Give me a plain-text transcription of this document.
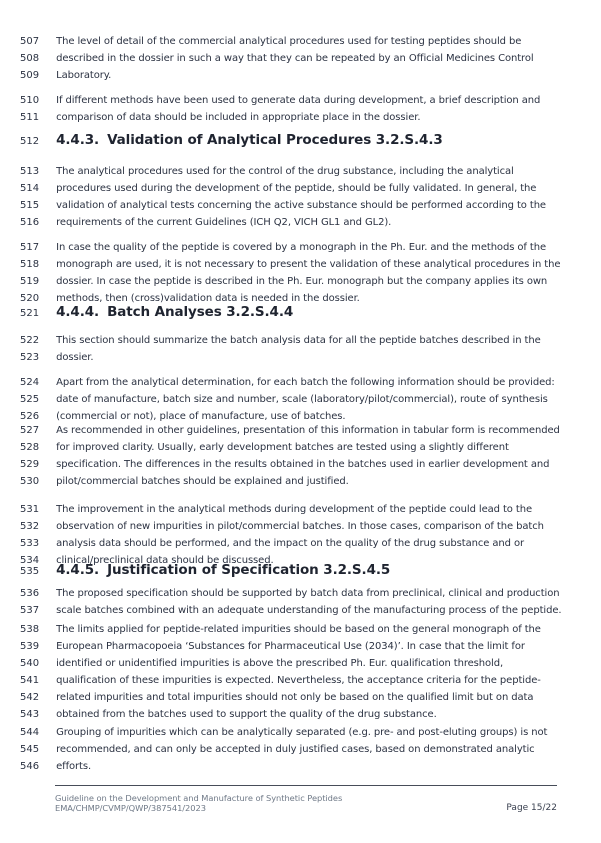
507 The level of detail of the commercial analytical procedures used for testing peptides should be
508 described in the dossier in such a way that they can be repeated by an Official Medicines Control
509 Laboratory.
510 If different methods have been used to generate data during development, a brief description and
511 comparison of data should be included in appropriate place in the dossier.
512 4.4.3. Validation of Analytical Procedures 3.2.S.4.3
513 The analytical procedures used for the control of the drug substance, including the analytical
514 procedures used during the development of the peptide, should be fully validated. In general, the
515 validation of analytical tests concerning the active substance should be performed according to the
516 requirements of the current Guidelines (ICH Q2, VICH GL1 and GL2).
517 In case the quality of the peptide is covered by a monograph in the Ph. Eur. and the methods of the
518 monograph are used, it is not necessary to present the validation of these analytical procedures in the
519 dossier. In case the peptide is described in the Ph. Eur. monograph but the company applies its own
520 methods, then (cross)validation data is needed in the dossier.
521 4.4.4. Batch Analyses 3.2.S.4.4
522 This section should summarize the batch analysis data for all the peptide batches described in the
523 dossier.
524 Apart from the analytical determination, for each batch the following information should be provided:
525 date of manufacture, batch size and number, scale (laboratory/pilot/commercial), route of synthesis
526 (commercial or not), place of manufacture, use of batches.
527 As recommended in other guidelines, presentation of this information in tabular form is recommended
528 for improved clarity. Usually, early development batches are tested using a slightly different
529 specification. The differences in the results obtained in the batches used in earlier development and
530 pilot/commercial batches should be explained and justified.
531 The improvement in the analytical methods during development of the peptide could lead to the
532 observation of new impurities in pilot/commercial batches. In those cases, comparison of the batch
533 analysis data should be performed, and the impact on the quality of the drug substance and or
534 clinical/preclinical data should be discussed.
535 4.4.5. Justification of Specification 3.2.S.4.5
536 The proposed specification should be supported by batch data from preclinical, clinical and production
537 scale batches combined with an adequate understanding of the manufacturing process of the peptide.
538 The limits applied for peptide-related impurities should be based on the general monograph of the
539 European Pharmacopoeia ‘Substances for Pharmaceutical Use (2034)’. In case that the limit for
540 identified or unidentified impurities is above the prescribed Ph. Eur. qualification threshold,
541 qualification of these impurities is expected. Nevertheless, the acceptance criteria for the peptide-
542 related impurities and total impurities should not only be based on the qualified limit but on data
543 obtained from the batches used to support the quality of the drug substance.
544 Grouping of impurities which can be analytically separated (e.g. pre- and post-eluting groups) is not
545 recommended, and can only be accepted in duly justified cases, based on demonstrated analytic
546 efforts.
Guideline on the Development and Manufacture of Synthetic Peptides
EMA/CHMP/CVMP/QWP/387541/2023	Page 15/22
